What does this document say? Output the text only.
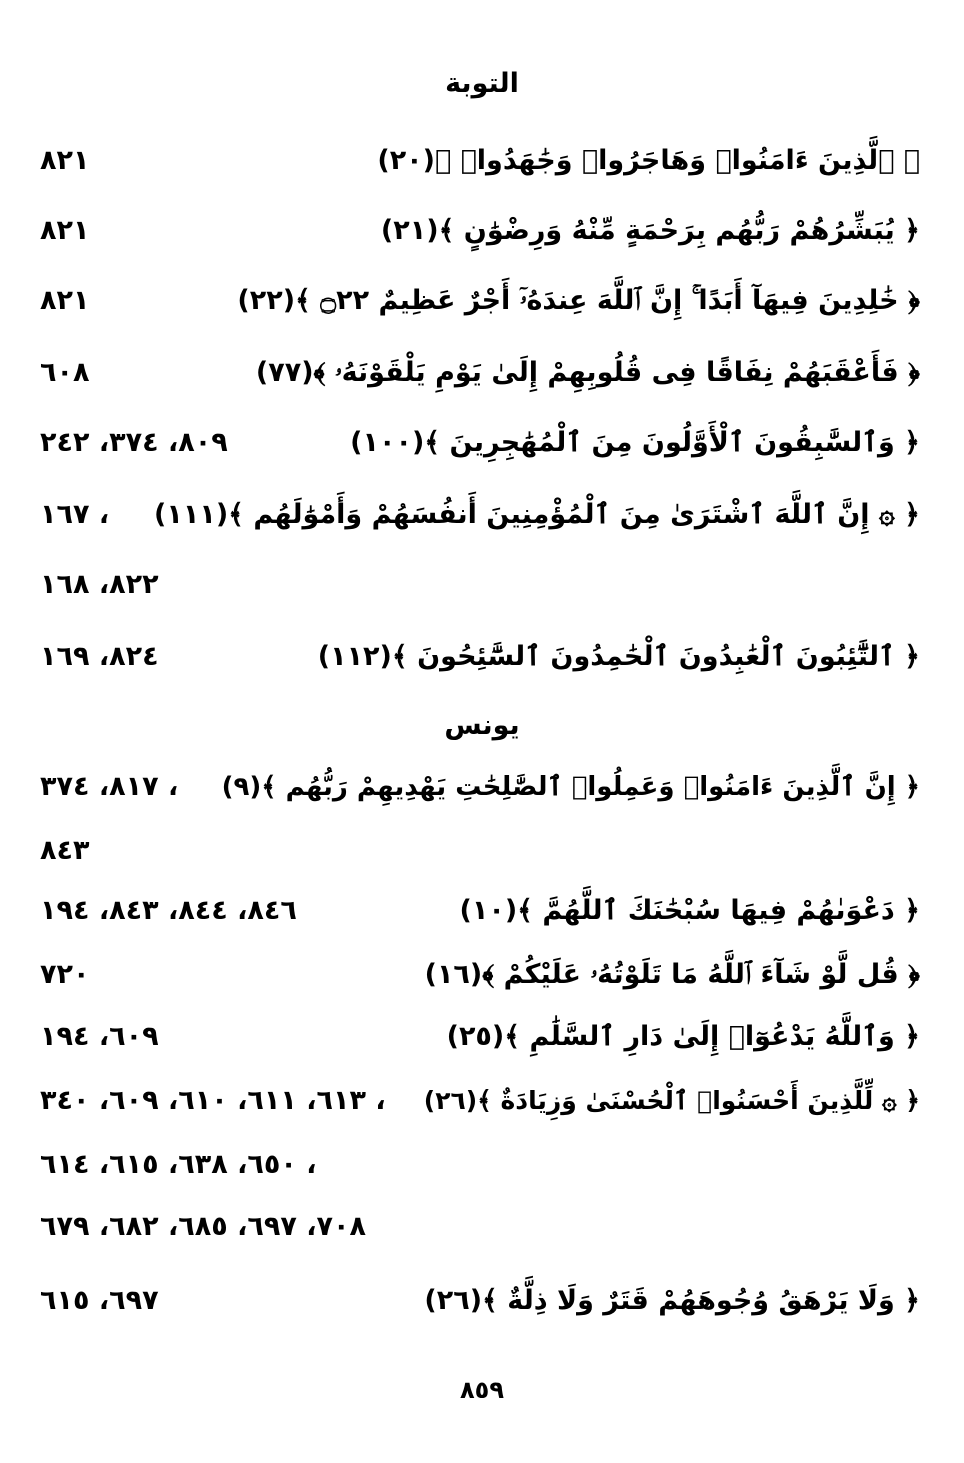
التوبة
﴿ ٱلَّذِينَ ءَامَنُوا۟ وَهَاجَرُوا۟ وَجَٰهَدُوا۟ ﴾(٢٠)
٨٢١
﴿ يُبَشِّرُهُمْ رَبُّهُم بِرَحْمَةٍ مِّنْهُ وَرِضْوَٰنٍ ﴾(٢١)
٨٢١
﴿ خَٰلِدِينَ فِيهَآ أَبَدًا ۚ إِنَّ ٱللَّهَ عِندَهُۥٓ أَجْرٌ عَظِيمٌ ۝٢٢ ﴾(٢٢)
٨٢١
﴿ فَأَعْقَبَهُمْ نِفَاقًا فِى قُلُوبِهِمْ إِلَىٰ يَوْمِ يَلْقَوْنَهُۥ ﴾(٧٧)
٦٠٨
﴿ وَٱلسَّٰبِقُونَ ٱلْأَوَّلُونَ مِنَ ٱلْمُهَٰجِرِينَ ﴾(١٠٠)
٨٠٩، ٣٧٤، ٢٤٢
﴿ ۞ إِنَّ ٱللَّهَ ٱشْتَرَىٰ مِنَ ٱلْمُؤْمِنِينَ أَنفُسَهُمْ وَأَمْوَٰلَهُم ﴾(١١١)
، ١٦٧
٨٢٢، ١٦٨
﴿ ٱلتَّٰٓئِبُونَ ٱلْعَٰبِدُونَ ٱلْحَٰمِدُونَ ٱلسَّٰٓئِحُونَ ﴾(١١٢)
٨٢٤، ١٦٩
يونس
﴿ إِنَّ ٱلَّذِينَ ءَامَنُوا۟ وَعَمِلُوا۟ ٱلصَّٰلِحَٰتِ يَهْدِيهِمْ رَبُّهُم ﴾(٩)
، ٨١٧، ٣٧٤
٨٤٣
﴿ دَعْوَىٰهُمْ فِيهَا سُبْحَٰنَكَ ٱللَّهُمَّ ﴾(١٠)
٨٤٦، ٨٤٤، ٨٤٣، ١٩٤
﴿ قُل لَّوْ شَآءَ ٱللَّهُ مَا تَلَوْتُهُۥ عَلَيْكُمْ ﴾(١٦)
٧٢٠
﴿ وَٱللَّهُ يَدْعُوٓا۟ إِلَىٰ دَارِ ٱلسَّلَٰمِ ﴾(٢٥)
٦٠٩، ١٩٤
﴿ ۞ لِّلَّذِينَ أَحْسَنُوا۟ ٱلْحُسْنَىٰ وَزِيَادَةٌ ﴾(٢٦)
، ٦١٣، ٦١١، ٦١٠، ٦٠٩، ٣٤٠
، ٦٥٠، ٦٣٨، ٦١٥، ٦١٤
٧٠٨، ٦٩٧، ٦٨٥، ٦٨٢، ٦٧٩
﴿ وَلَا يَرْهَقُ وُجُوهَهُمْ قَتَرٌ وَلَا ذِلَّةٌ ﴾(٢٦)
٦٩٧، ٦١٥
٨٥٩
